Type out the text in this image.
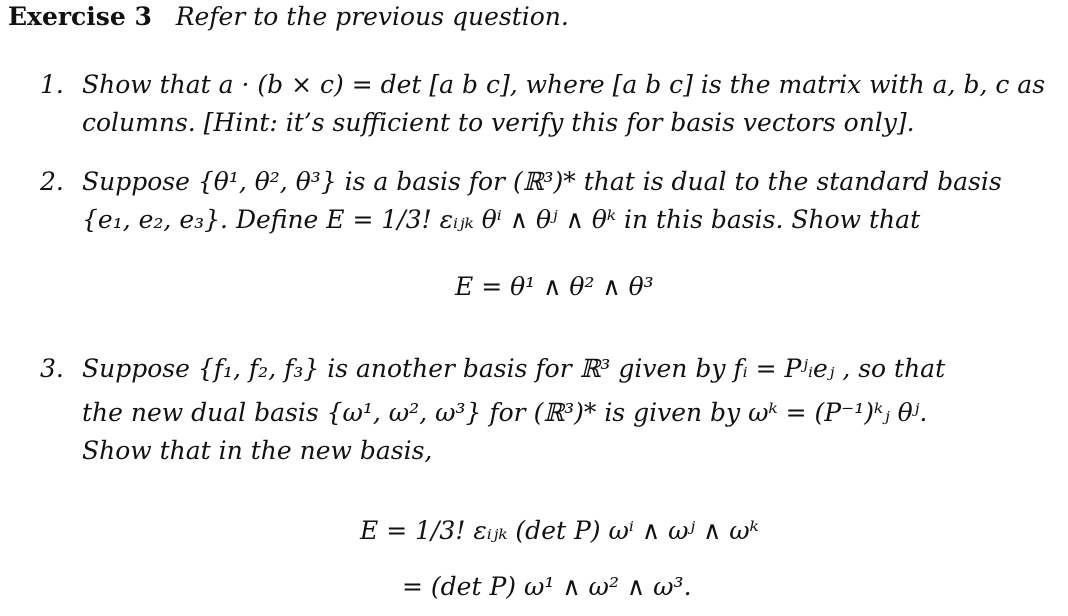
Exercise 3 Refer to the previous question.
1. Show that a · (b × c) = det [a b c], where [a b c] is the matrix with a, b, c as
columns. [Hint: it’s sufficient to verify this for basis vectors only].
2. Suppose {θ¹, θ², θ³} is a basis for (ℝ³)* that is dual to the standard basis
{e₁, e₂, e₃}. Define E = 1/3! εᵢⱼₖ θⁱ ∧ θʲ ∧ θᵏ in this basis. Show that
E = θ¹ ∧ θ² ∧ θ³
3. Suppose {f₁, f₂, f₃} is another basis for ℝ³ given by fᵢ = Pʲᵢeⱼ , so that
the new dual basis {ω¹, ω², ω³} for (ℝ³)* is given by ωᵏ = (P⁻¹)ᵏⱼ θʲ.
Show that in the new basis,
E = 1/3! εᵢⱼₖ (det P) ωⁱ ∧ ωʲ ∧ ωᵏ
= (det P) ω¹ ∧ ω² ∧ ω³.
